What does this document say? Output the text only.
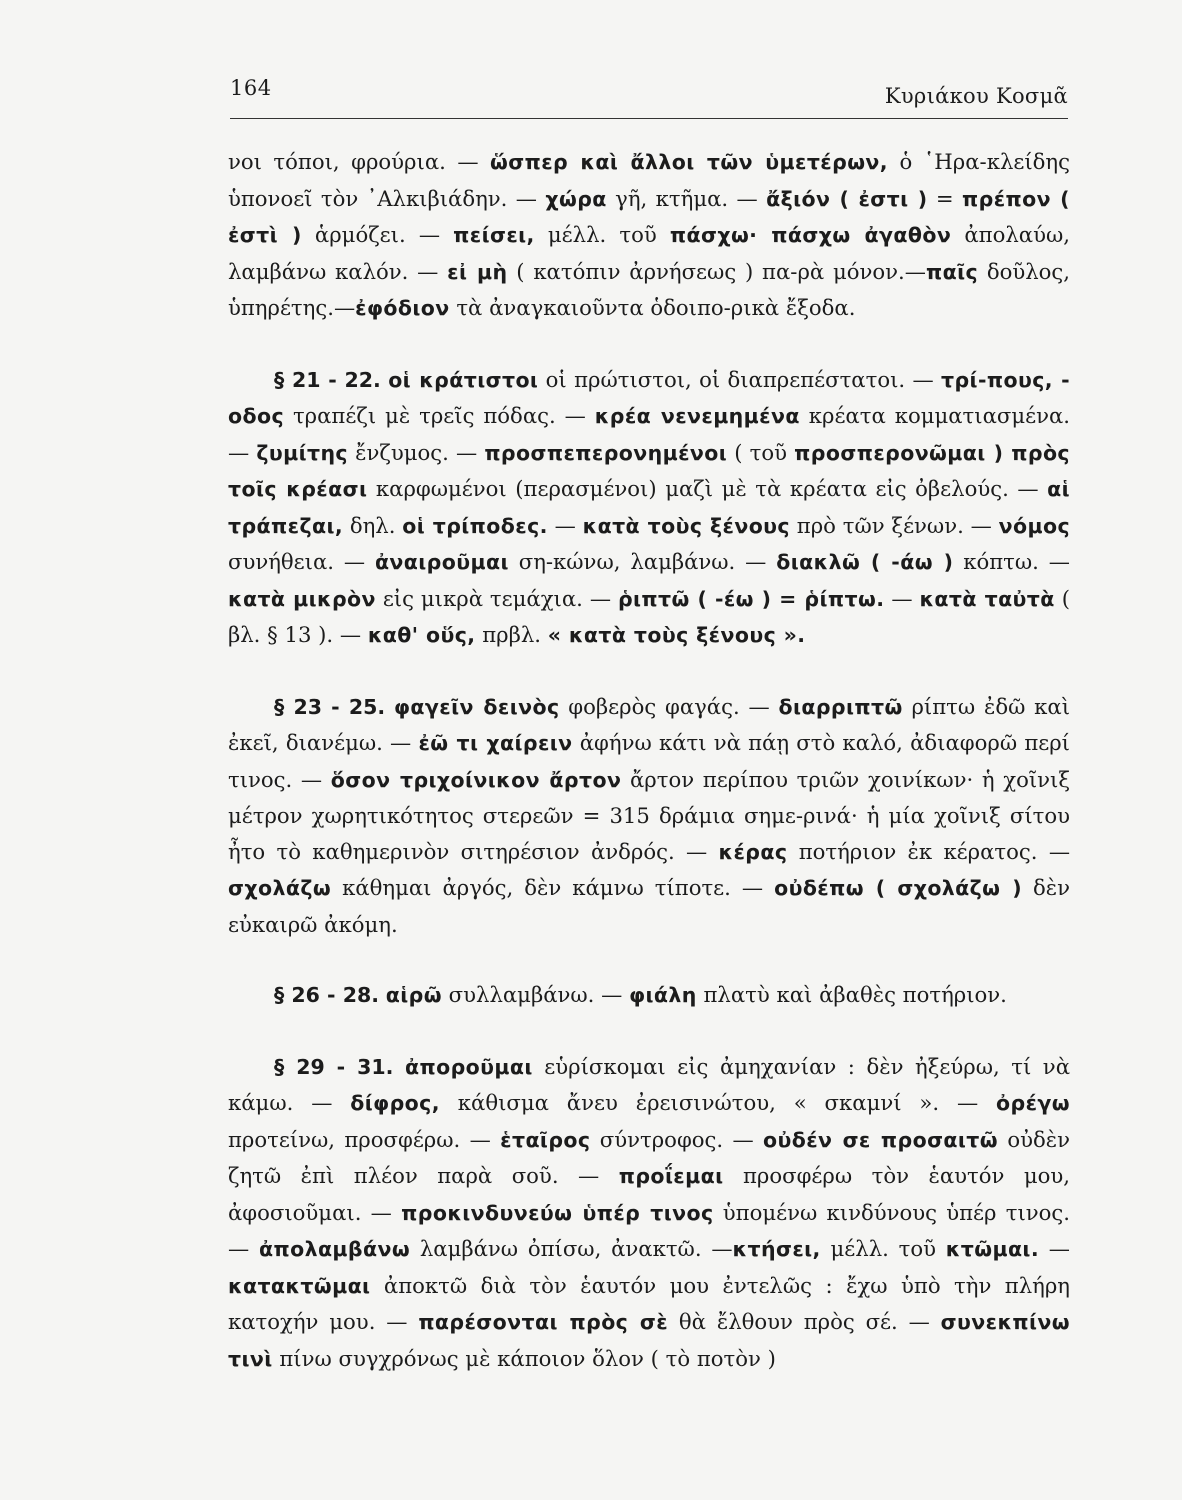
164	Κυριάκου Κοσμᾶ

νοι τόποι, φρούρια. — ὥσπερ καὶ ἄλλοι τῶν ὑμετέρων, ὁ ῾Ηρα-κλείδης ὑπονοεῖ τὸν ᾿Αλκιβιάδην. — χώρα γῆ, κτῆμα. — ἄξιόν ( ἐστι ) = πρέπον ( ἐστὶ ) ἁρμόζει. — πείσει, μέλλ. τοῦ πάσχω· πάσχω ἀγαθὸν ἀπολαύω, λαμβάνω καλόν. — εἰ μὴ ( κατόπιν ἀρνήσεως ) πα-ρὰ μόνον.—παῖς δοῦλος, ὑπηρέτης.—ἐφόδιον τὰ ἀναγκαιοῦντα ὁδοιπο-ρικὰ ἔξοδα.

§ 21 - 22. οἱ κράτιστοι οἱ πρώτιστοι, οἱ διαπρεπέστατοι. — τρί-πους, - οδος τραπέζι μὲ τρεῖς πόδας. — κρέα νενεμημένα κρέατα κομματιασμένα. — ζυμίτης ἔνζυμος. — προσπεπερονημένοι ( τοῦ προσπερονῶμαι ) πρὸς τοῖς κρέασι καρφωμένοι (περασμένοι) μαζὶ μὲ τὰ κρέατα εἰς ὀβελούς. — αἱ τράπεζαι, δηλ. οἱ τρίποδες. — κατὰ τοὺς ξένους πρὸ τῶν ξένων. — νόμος συνήθεια. — ἀναιροῦμαι ση-κώνω, λαμβάνω. — διακλῶ ( -άω ) κόπτω. — κατὰ μικρὸν εἰς μικρὰ τεμάχια. — ῥιπτῶ ( -έω ) = ῥίπτω. — κατὰ ταὐτὰ ( βλ. § 13 ). — καθ' οὕς, πρβλ. « κατὰ τοὺς ξένους ».

§ 23 - 25. φαγεῖν δεινὸς φοβερὸς φαγάς. — διαρριπτῶ ρίπτω ἐδῶ καὶ ἐκεῖ, διανέμω. — ἐῶ τι χαίρειν ἀφήνω κάτι νὰ πάῃ στὸ καλό, ἀδιαφορῶ περί τινος. — ὅσον τριχοίνικον ἄρτον ἄρτον περίπου τριῶν χοινίκων· ἡ χοῖνιξ μέτρον χωρητικότητος στερεῶν = 315 δράμια σημε-ρινά· ἡ μία χοῖνιξ σίτου ἦτο τὸ καθημερινὸν σιτηρέσιον ἀνδρός. — κέρας ποτήριον ἐκ κέρατος. — σχολάζω κάθημαι ἀργός, δὲν κάμνω τίποτε. — οὐδέπω ( σχολάζω ) δὲν εὐκαιρῶ ἀκόμη.

§ 26 - 28. αἱρῶ συλλαμβάνω. — φιάλη πλατὺ καὶ ἀβαθὲς ποτήριον.

§ 29 - 31. ἀποροῦμαι εὑρίσκομαι εἰς ἀμηχανίαν : δὲν ἠξεύρω, τί νὰ κάμω. — δίφρος, κάθισμα ἄνευ ἐρεισινώτου, « σκαμνί ». — ὀρέγω προτείνω, προσφέρω. — ἑταῖρος σύντροφος. — οὐδέν σε προσαιτῶ οὐδὲν ζητῶ ἐπὶ πλέον παρὰ σοῦ. — προΐεμαι προσφέρω τὸν ἑαυτόν μου, ἀφοσιοῦμαι. — προκινδυνεύω ὑπέρ τινος ὑπομένω κινδύνους ὑπέρ τινος. — ἀπολαμβάνω λαμβάνω ὀπίσω, ἀνακτῶ. —κτήσει, μέλλ. τοῦ κτῶμαι. —κατακτῶμαι ἀποκτῶ διὰ τὸν ἑαυτόν μου ἐντελῶς : ἔχω ὑπὸ τὴν πλήρη κατοχήν μου. — παρέσονται πρὸς σὲ θὰ ἔλθουν πρὸς σέ. — συνεκπίνω τινὶ πίνω συγχρόνως μὲ κάποιον ὅλον ( τὸ ποτὸν )
